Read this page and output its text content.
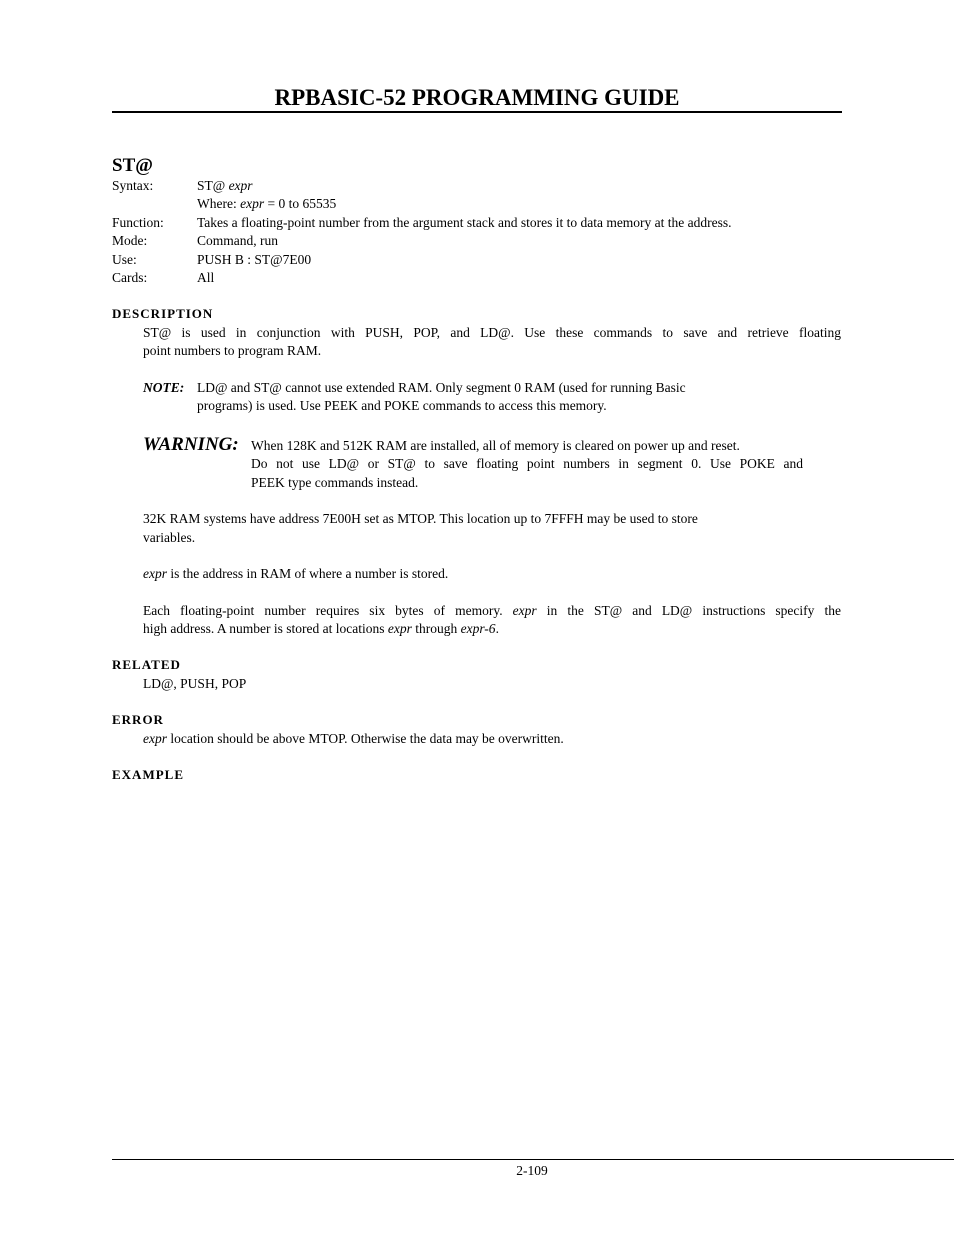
RPBASIC-52 PROGRAMMING GUIDE
ST@
Syntax:	ST@ expr
Where: expr = 0 to 65535
Function: Takes a floating-point number from the argument stack and stores it to data memory at the address.
Mode:	Command, run
Use:	PUSH B : ST@7E00
Cards:	All
DESCRIPTION
ST@ is used in conjunction with PUSH, POP, and LD@. Use these commands to save and retrieve floating
point numbers to program RAM.
NOTE: LD@ and ST@ cannot use extended RAM. Only segment 0 RAM (used for running Basic
programs) is used. Use PEEK and POKE commands to access this memory.
WARNING: When 128K and 512K RAM are installed, all of memory is cleared on power up and reset.
Do not use LD@ or ST@ to save floating point numbers in segment 0. Use POKE and
PEEK type commands instead.
32K RAM systems have address 7E00H set as MTOP. This location up to 7FFFH may be used to store
variables.
expr is the address in RAM of where a number is stored.
Each floating-point number requires six bytes of memory. expr in the ST@ and LD@ instructions specify the
high address. A number is stored at locations expr through expr-6.
RELATED
LD@, PUSH, POP
ERROR
expr location should be above MTOP. Otherwise the data may be overwritten.
EXAMPLE
2-109
